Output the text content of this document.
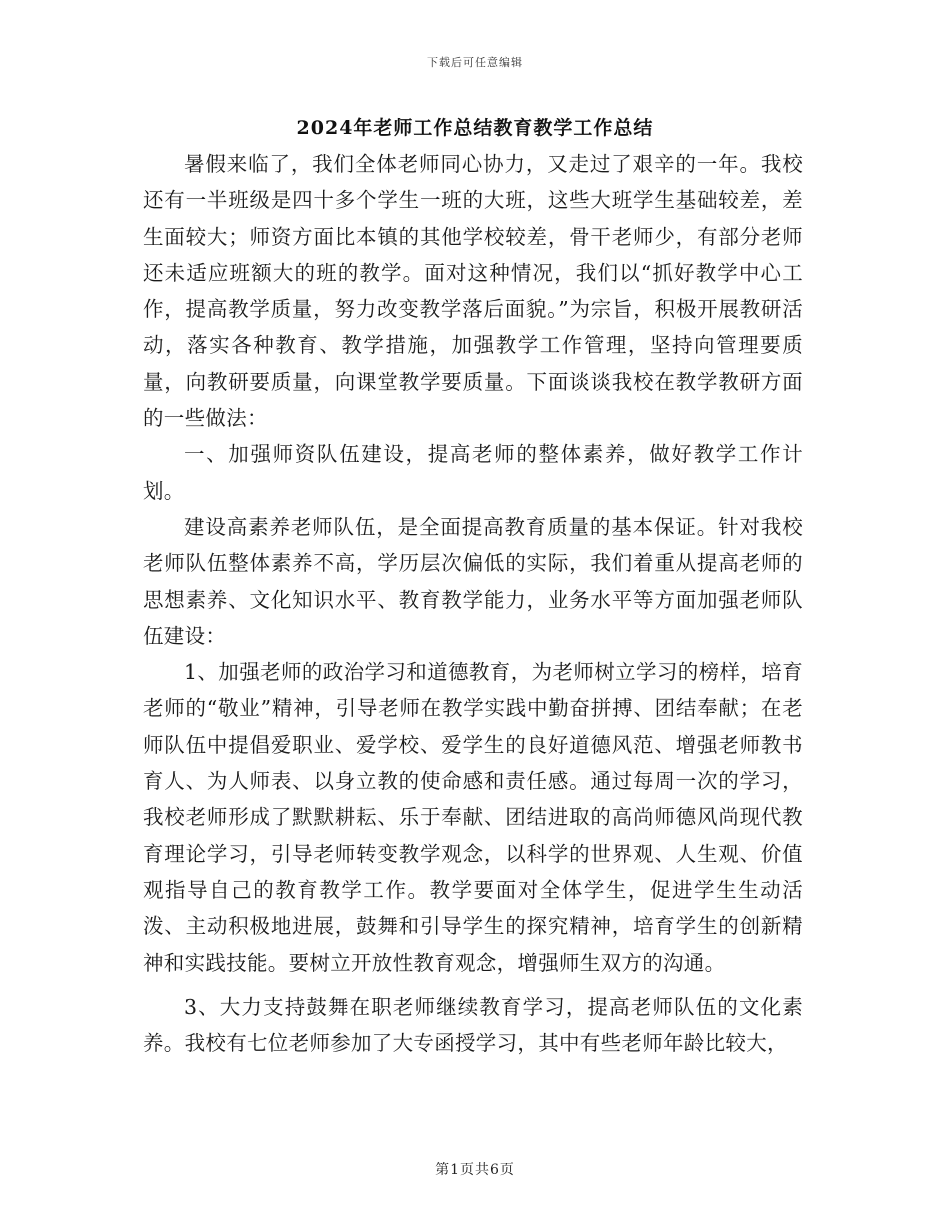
下载后可任意编辑
2024年老师工作总结教育教学工作总结

暑假来临了，我们全体老师同心协力，又走过了艰辛的一年。我校还有一半班级是四十多个学生一班的大班，这些大班学生基础较差，差生面较大；师资方面比本镇的其他学校较差，骨干老师少，有部分老师还未适应班额大的班的教学。面对这种情况，我们以“抓好教学中心工作，提高教学质量，努力改变教学落后面貌。”为宗旨，积极开展教研活动，落实各种教育、教学措施，加强教学工作管理，坚持向管理要质量，向教研要质量，向课堂教学要质量。下面谈谈我校在教学教研方面的一些做法：

一、加强师资队伍建设，提高老师的整体素养，做好教学工作计划。

建设高素养老师队伍，是全面提高教育质量的基本保证。针对我校老师队伍整体素养不高，学历层次偏低的实际，我们着重从提高老师的思想素养、文化知识水平、教育教学能力，业务水平等方面加强老师队伍建设：

1、加强老师的政治学习和道德教育，为老师树立学习的榜样，培育老师的“敬业”精神，引导老师在教学实践中勤奋拼搏、团结奉献；在老师队伍中提倡爱职业、爱学校、爱学生的良好道德风范、增强老师教书育人、为人师表、以身立教的使命感和责任感。通过每周一次的学习，我校老师形成了默默耕耘、乐于奉献、团结进取的高尚师德风尚现代教育理论学习，引导老师转变教学观念，以科学的世界观、人生观、价值观指导自己的教育教学工作。教学要面对全体学生，促进学生生动活泼、主动积极地进展，鼓舞和引导学生的探究精神，培育学生的创新精神和实践技能。要树立开放性教育观念，增强师生双方的沟通。

3、大力支持鼓舞在职老师继续教育学习，提高老师队伍的文化素养。我校有七位老师参加了大专函授学习，其中有些老师年龄比较大，

第1页共6页
